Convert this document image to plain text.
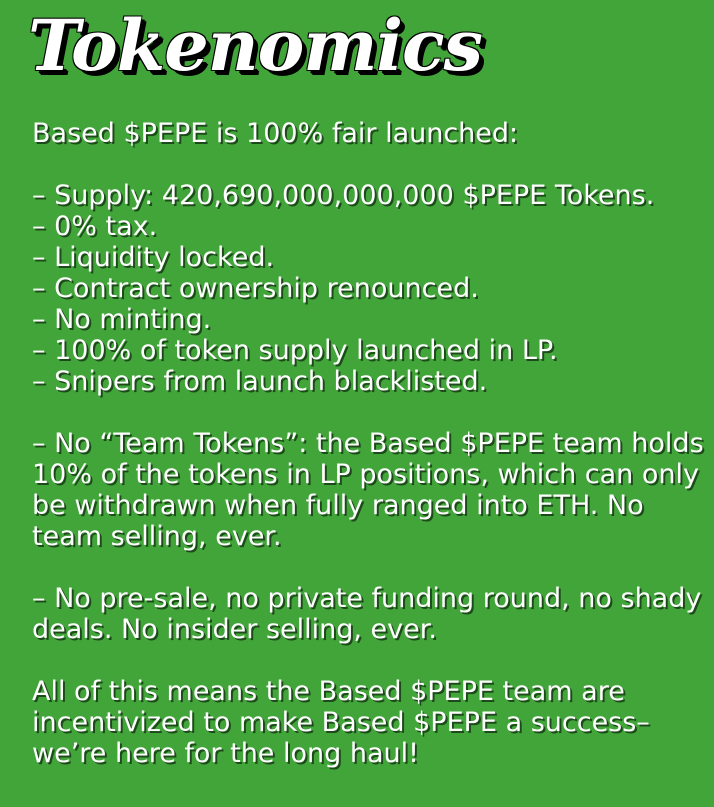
Tokenomics

Based $PEPE is 100% fair launched:

– Supply: 420,690,000,000,000 $PEPE Tokens.
– 0% tax.
– Liquidity locked.
– Contract ownership renounced.
– No minting.
– 100% of token supply launched in LP.
– Snipers from launch blacklisted.

– No “Team Tokens”: the Based $PEPE team holds 10% of the tokens in LP positions, which can only be withdrawn when fully ranged into ETH. No team selling, ever.

– No pre-sale, no private funding round, no shady deals. No insider selling, ever.

All of this means the Based $PEPE team are incentivized to make Based $PEPE a success– we’re here for the long haul!
